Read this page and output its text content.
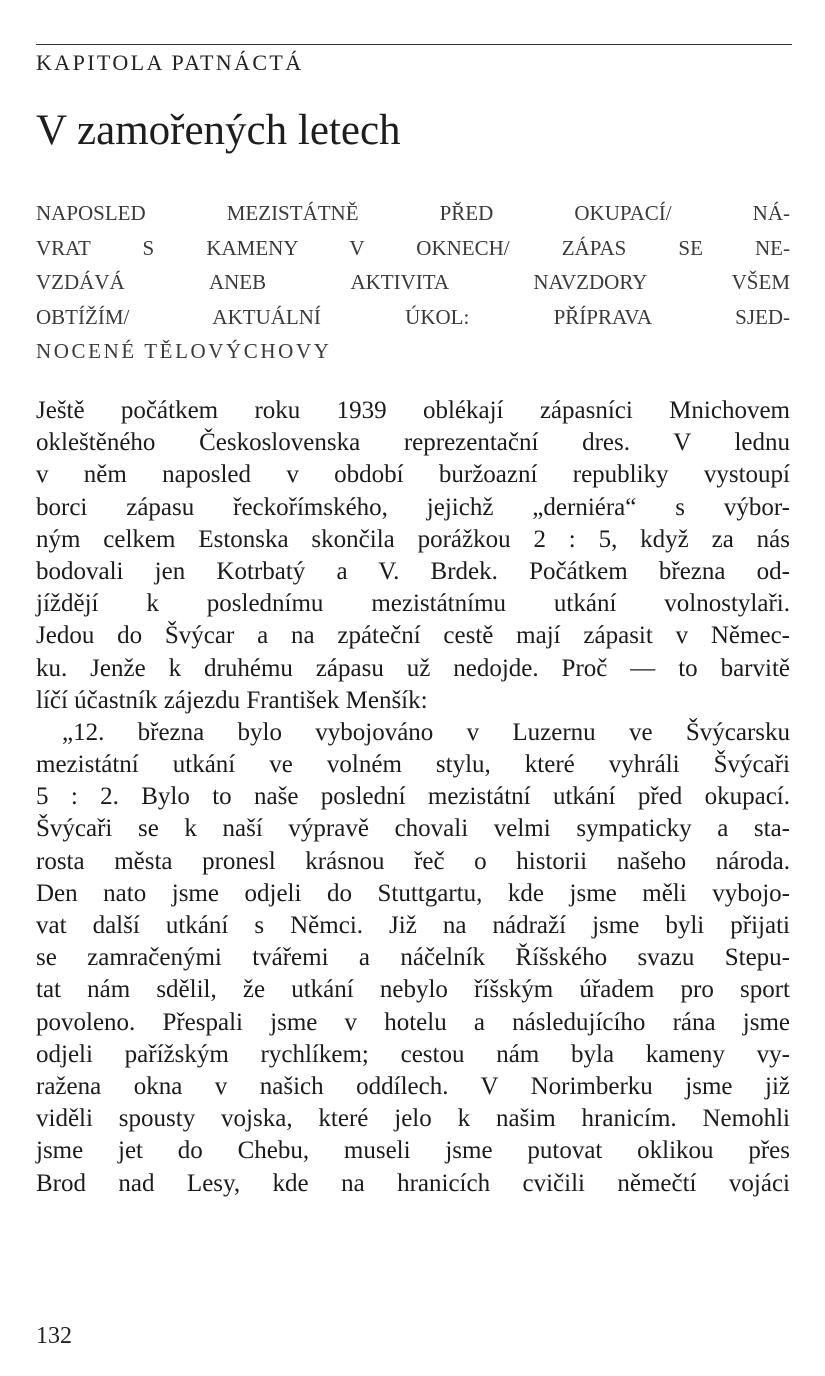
KAPITOLA PATNÁCTÁ
V zamořených letech
NAPOSLED MEZISTÁTNĚ PŘED OKUPACÍ/ NÁ-
VRAT S KAMENY V OKNECH/ ZÁPAS SE NE-
VZDÁVÁ ANEB AKTIVITA NAVZDORY VŠEM
OBTÍŽÍM/ AKTUÁLNÍ ÚKOL: PŘÍPRAVA SJED-
NOCENÉ TĚLOVÝCHOVY
Ještě počátkem roku 1939 oblékají zápasníci Mnichovem
okleštěného Československa reprezentační dres. V lednu
v něm naposled v období buržoazní republiky vystoupí
borci zápasu řeckořímského, jejichž „derniéra“ s výbor-
ným celkem Estonska skončila porážkou 2 : 5, když za nás
bodovali jen Kotrbatý a V. Brdek. Počátkem března od-
jíždějí k poslednímu mezistátnímu utkání volnostylaři.
Jedou do Švýcar a na zpáteční cestě mají zápasit v Němec-
ku. Jenže k druhému zápasu už nedojde. Proč — to barvitě
líčí účastník zájezdu František Menšík:
„12. března bylo vybojováno v Luzernu ve Švýcarsku
mezistátní utkání ve volném stylu, které vyhráli Švýcaři
5 : 2. Bylo to naše poslední mezistátní utkání před okupací.
Švýcaři se k naší výpravě chovali velmi sympaticky a sta-
rosta města pronesl krásnou řeč o historii našeho národa.
Den nato jsme odjeli do Stuttgartu, kde jsme měli vybojo-
vat další utkání s Němci. Již na nádraží jsme byli přijati
se zamračenými tvářemi a náčelník Říšského svazu Stepu-
tat nám sdělil, že utkání nebylo říšským úřadem pro sport
povoleno. Přespali jsme v hotelu a následujícího rána jsme
odjeli pařížským rychlíkem; cestou nám byla kameny vy-
ražena okna v našich oddílech. V Norimberku jsme již
viděli spousty vojska, které jelo k našim hranicím. Nemohli
jsme jet do Chebu, museli jsme putovat oklikou přes
Brod nad Lesy, kde na hranicích cvičili němečtí vojáci
132
